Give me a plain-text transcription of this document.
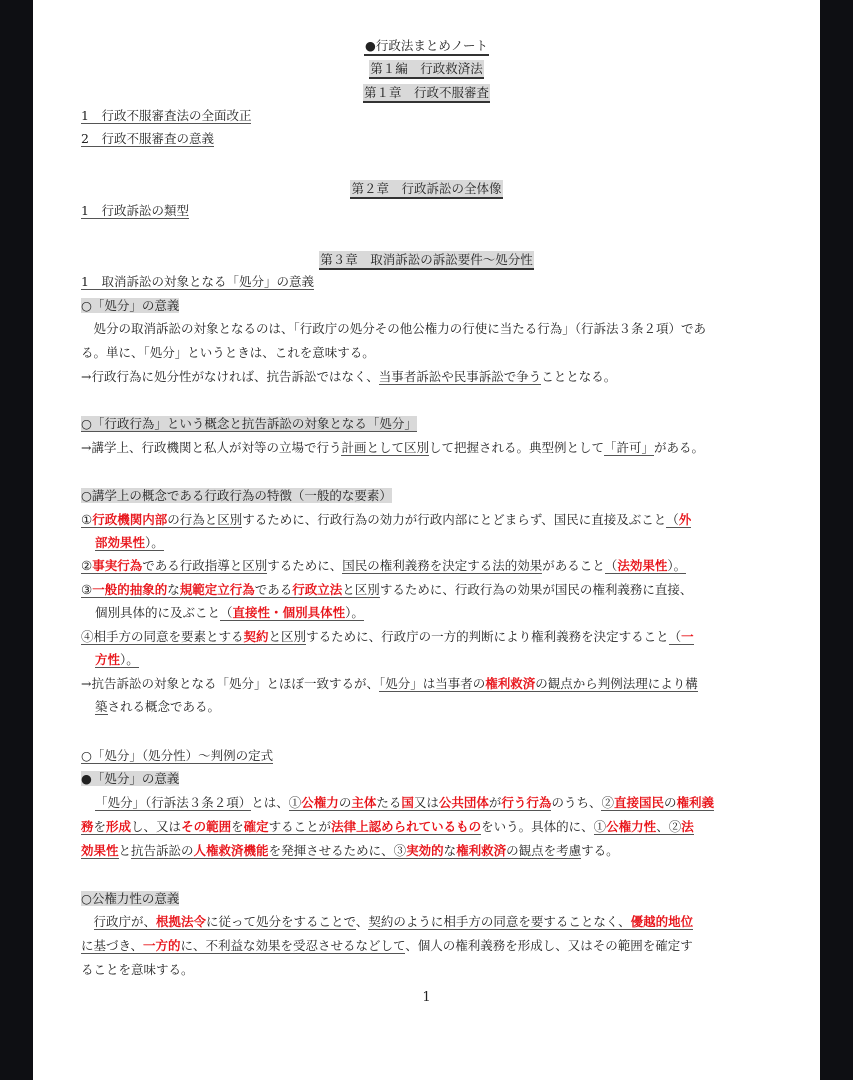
●行政法まとめノート
第１編　行政救済法
第１章　行政不服審査
1　行政不服審査法の全面改正
2　行政不服審査の意義
第２章　行政訴訟の全体像
1　行政訴訟の類型
第３章　取消訴訟の訴訟要件～処分性
1　取消訴訟の対象となる「処分」の意義
○「処分」の意義
　処分の取消訴訟の対象となるのは、「行政庁の処分その他公権力の行使に当たる行為」（行訴法３条２項）であ
る。単に、「処分」というときは、これを意味する。
→行政行為に処分性がなければ、抗告訴訟ではなく、当事者訴訟や民事訴訟で争うこととなる。
○「行政行為」という概念と抗告訴訟の対象となる「処分」
→講学上、行政機関と私人が対等の立場で行う計画として区別して把握される。典型例として「許可」がある。
○講学上の概念である行政行為の特徴（一般的な要素）
①行政機関内部の行為と区別するために、行政行為の効力が行政内部にとどまらず、国民に直接及ぶこと（外
部効果性）。
②事実行為である行政指導と区別するために、国民の権利義務を決定する法的効果があること（法効果性）。
③一般的抽象的な規範定立行為である行政立法と区別するために、行政行為の効果が国民の権利義務に直接、
個別具体的に及ぶこと（直接性・個別具体性）。
④相手方の同意を要素とする契約と区別するために、行政庁の一方的判断により権利義務を決定すること（一
方性）。
→抗告訴訟の対象となる「処分」とほぼ一致するが、「処分」は当事者の権利救済の観点から判例法理により構
築される概念である。
○「処分」（処分性）～判例の定式
●「処分」の意義
「処分」（行訴法３条２項）とは、①公権力の主体たる国又は公共団体が行う行為のうち、②直接国民の権利義
務を形成し、又はその範囲を確定することが法律上認められているものをいう。具体的に、①公権力性、②法
効果性と抗告訴訟の人権救済機能を発揮させるために、③実効的な権利救済の観点を考慮する。
○公権力性の意義
　行政庁が、根拠法令に従って処分をすることで、契約のように相手方の同意を要することなく、優越的地位
に基づき、一方的に、不利益な効果を受忍させるなどして、個人の権利義務を形成し、又はその範囲を確定す
ることを意味する。
1
